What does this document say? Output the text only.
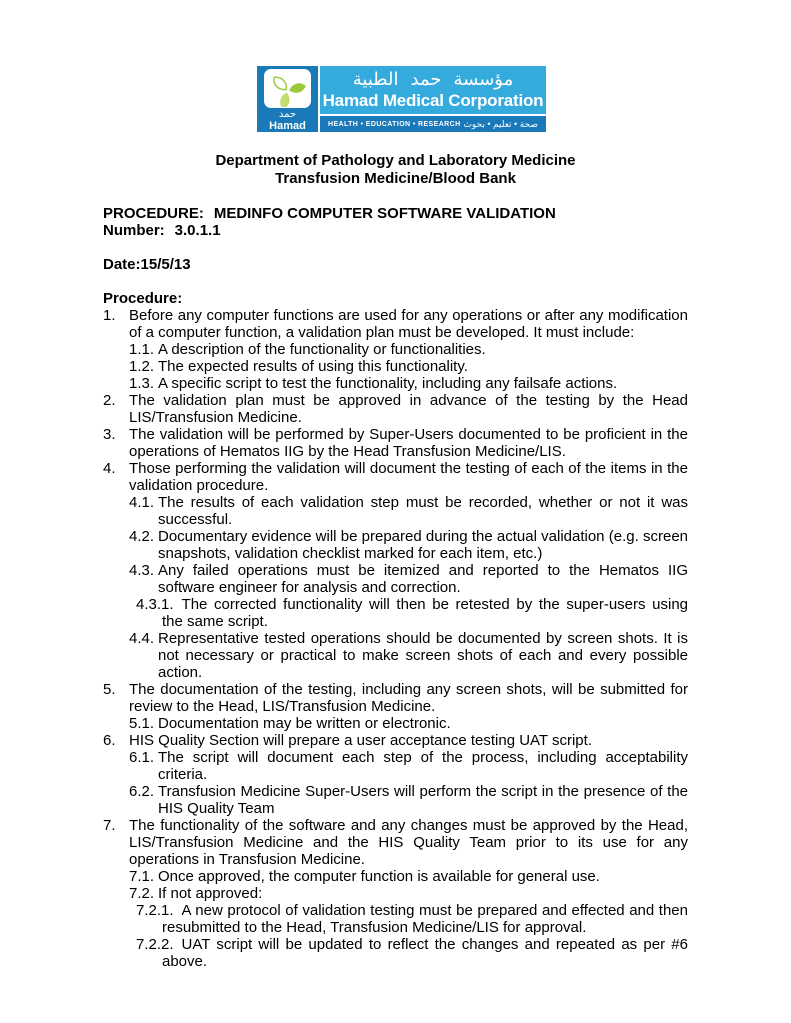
حمد
Hamad
مؤسسة حمد الطبية
Hamad Medical Corporation
HEALTH • EDUCATION • RESEARCH صحة • تعليم • بحوث
Department of Pathology and Laboratory Medicine
Transfusion Medicine/Blood Bank
PROCEDURE: MEDINFO COMPUTER SOFTWARE VALIDATION
Number: 3.0.1.1
Date:15/5/13
Procedure:
1. Before any computer functions are used for any operations or after any modification of a computer function, a validation plan must be developed. It must include:
1.1. A description of the functionality or functionalities.
1.2. The expected results of using this functionality.
1.3. A specific script to test the functionality, including any failsafe actions.
2. The validation plan must be approved in advance of the testing by the Head LIS/Transfusion Medicine.
3. The validation will be performed by Super-Users documented to be proficient in the operations of Hematos IIG by the Head Transfusion Medicine/LIS.
4. Those performing the validation will document the testing of each of the items in the validation procedure.
4.1. The results of each validation step must be recorded, whether or not it was successful.
4.2. Documentary evidence will be prepared during the actual validation (e.g. screen snapshots, validation checklist marked for each item, etc.)
4.3. Any failed operations must be itemized and reported to the Hematos IIG software engineer for analysis and correction.
4.3.1. The corrected functionality will then be retested by the super-users using the same script.
4.4. Representative tested operations should be documented by screen shots. It is not necessary or practical to make screen shots of each and every possible action.
5. The documentation of the testing, including any screen shots, will be submitted for review to the Head, LIS/Transfusion Medicine.
5.1. Documentation may be written or electronic.
6. HIS Quality Section will prepare a user acceptance testing UAT script.
6.1. The script will document each step of the process, including acceptability criteria.
6.2. Transfusion Medicine Super-Users will perform the script in the presence of the HIS Quality Team
7. The functionality of the software and any changes must be approved by the Head, LIS/Transfusion Medicine and the HIS Quality Team prior to its use for any operations in Transfusion Medicine.
7.1. Once approved, the computer function is available for general use.
7.2. If not approved:
7.2.1. A new protocol of validation testing must be prepared and effected and then resubmitted to the Head, Transfusion Medicine/LIS for approval.
7.2.2. UAT script will be updated to reflect the changes and repeated as per #6 above.
